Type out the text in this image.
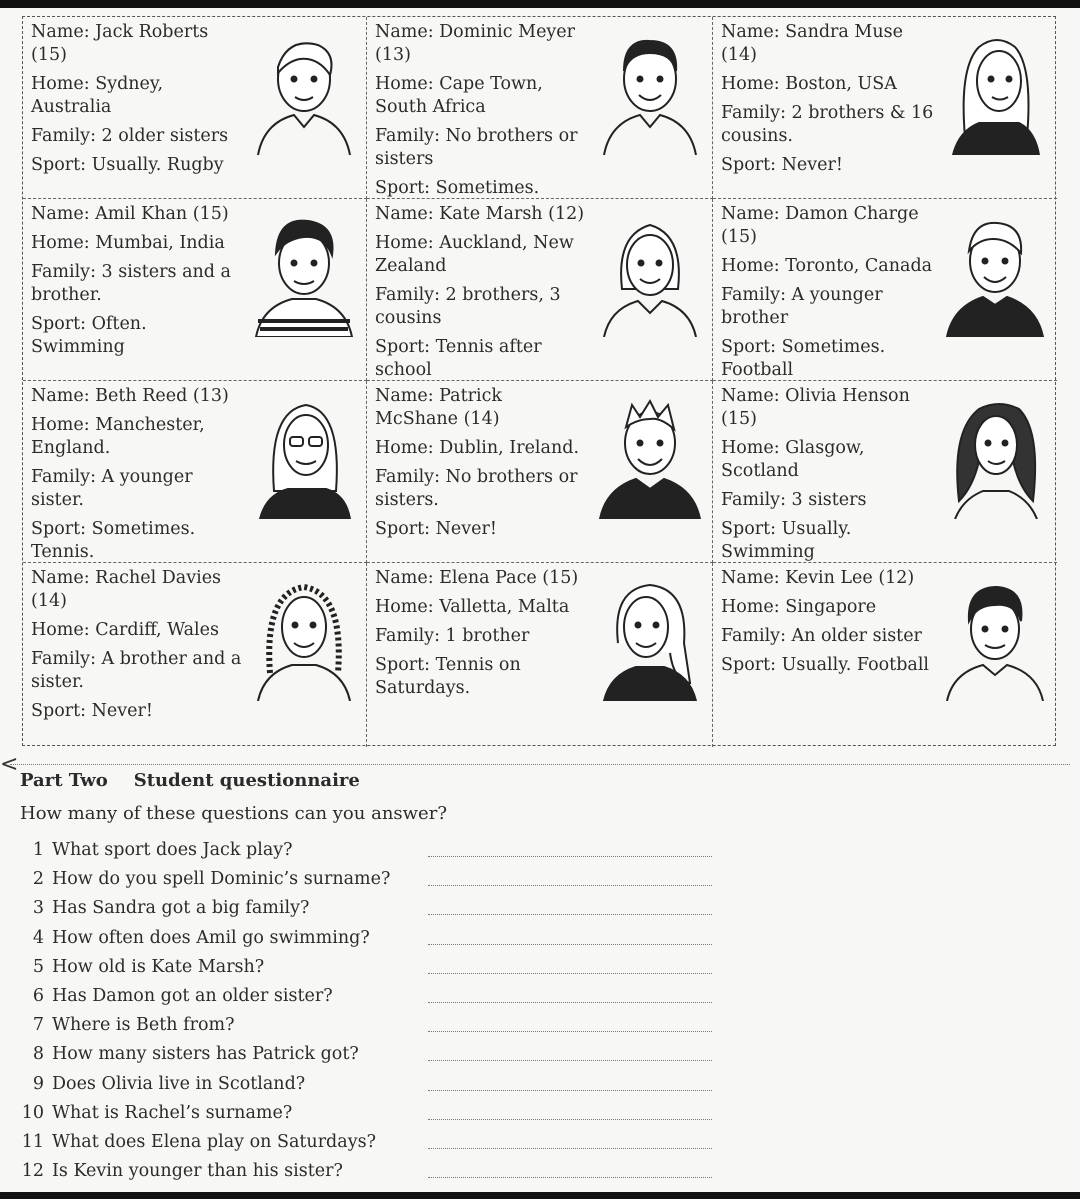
Name: Jack Roberts (15)

Home: Sydney, Australia

Family: 2 older sisters

Sport: Usually. Rugby

Name: Dominic Meyer (13)

Home: Cape Town, South Africa

Family: No brothers or sisters

Sport: Sometimes.

Name: Sandra Muse (14)

Home: Boston, USA

Family: 2 brothers & 16 cousins.

Sport: Never!

Name: Amil Khan (15)

Home: Mumbai, India

Family: 3 sisters and a brother.

Sport: Often. Swimming

Name: Kate Marsh (12)

Home: Auckland, New Zealand

Family: 2 brothers, 3 cousins

Sport: Tennis after school

Name: Damon Charge (15)

Home: Toronto, Canada

Family: A younger brother

Sport: Sometimes. Football

Name: Beth Reed (13)

Home: Manchester, England.

Family: A younger sister.

Sport: Sometimes. Tennis.

Name: Patrick McShane (14)

Home: Dublin, Ireland.

Family: No brothers or sisters.

Sport: Never!

Name: Olivia Henson (15)

Home: Glasgow, Scotland

Family: 3 sisters

Sport: Usually. Swimming

Name: Rachel Davies (14)

Home: Cardiff, Wales

Family: A brother and a sister.

Sport: Never!

Name: Elena Pace (15)

Home: Valletta, Malta

Family: 1 brother

Sport: Tennis on Saturdays.

Name: Kevin Lee (12)

Home: Singapore

Family: An older sister

Sport: Usually. Football

<
Part Two Student questionnaire
How many of these questions can you answer?
1 What sport does Jack play?
2 How do you spell Dominic’s surname?
3 Has Sandra got a big family?
4 How often does Amil go swimming?
5 How old is Kate Marsh?
6 Has Damon got an older sister?
7 Where is Beth from?
8 How many sisters has Patrick got?
9 Does Olivia live in Scotland?
10 What is Rachel’s surname?
11 What does Elena play on Saturdays?
12 Is Kevin younger than his sister?
